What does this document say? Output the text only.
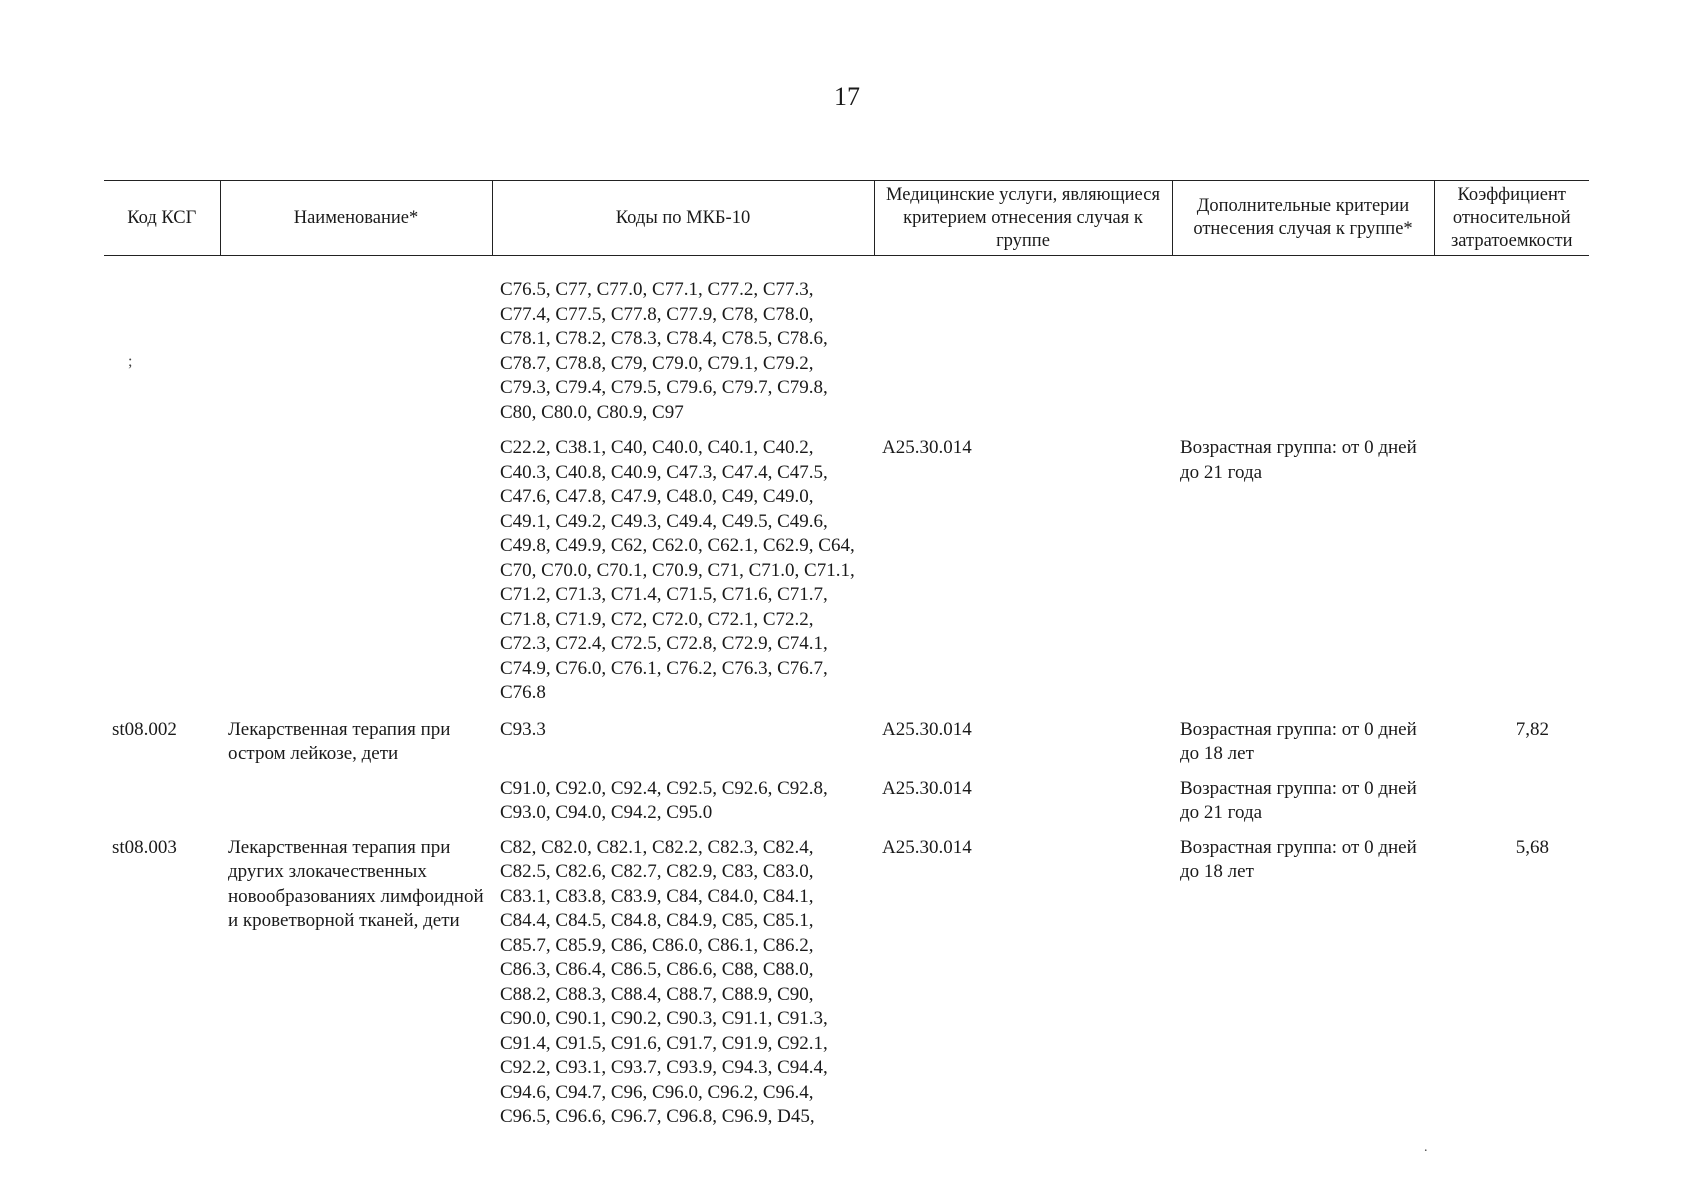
17
Код КСГ	Наименование*	Коды по МКБ-10	Медицинские услуги, являющиеся критерием отнесения случая к группе	Дополнительные критерии отнесения случая к группе*	Коэффициент относительной затратоемкости

;		C76.5, C77, C77.0, C77.1, C77.2, C77.3, C77.4, C77.5, C77.8, C77.9, C78, C78.0, C78.1, C78.2, C78.3, C78.4, C78.5, C78.6, C78.7, C78.8, C79, C79.0, C79.1, C79.2, C79.3, C79.4, C79.5, C79.6, C79.7, C79.8, C80, C80.0, C80.9, C97			
		C22.2, C38.1, C40, C40.0, C40.1, C40.2, C40.3, C40.8, C40.9, C47.3, C47.4, C47.5, C47.6, C47.8, C47.9, C48.0, C49, C49.0, C49.1, C49.2, C49.3, C49.4, C49.5, C49.6, C49.8, C49.9, C62, C62.0, C62.1, C62.9, C64, C70, C70.0, C70.1, C70.9, C71, C71.0, C71.1, C71.2, C71.3, C71.4, C71.5, C71.6, C71.7, C71.8, C71.9, C72, C72.0, C72.1, C72.2, C72.3, C72.4, C72.5, C72.8, C72.9, C74.1, C74.9, C76.0, C76.1, C76.2, C76.3, C76.7, C76.8	A25.30.014	Возрастная группа: от 0 дней до 21 года	
st08.002	Лекарственная терапия при остром лейкозе, дети	C93.3	A25.30.014	Возрастная группа: от 0 дней до 18 лет	7,82
		C91.0, C92.0, C92.4, C92.5, C92.6, C92.8, C93.0, C94.0, C94.2, C95.0	A25.30.014	Возрастная группа: от 0 дней до 21 года	
st08.003	Лекарственная терапия при других злокачественных новообразованиях лимфоидной и кроветворной тканей, дети	C82, C82.0, C82.1, C82.2, C82.3, C82.4, C82.5, C82.6, C82.7, C82.9, C83, C83.0, C83.1, C83.8, C83.9, C84, C84.0, C84.1, C84.4, C84.5, C84.8, C84.9, C85, C85.1, C85.7, C85.9, C86, C86.0, C86.1, C86.2, C86.3, C86.4, C86.5, C86.6, C88, C88.0, C88.2, C88.3, C88.4, C88.7, C88.9, C90, C90.0, C90.1, C90.2, C90.3, C91.1, C91.3, C91.4, C91.5, C91.6, C91.7, C91.9, C92.1, C92.2, C93.1, C93.7, C93.9, C94.3, C94.4, C94.6, C94.7, C96, C96.0, C96.2, C96.4, C96.5, C96.6, C96.7, C96.8, C96.9, D45,	A25.30.014	Возрастная группа: от 0 дней до 18 лет	5,68
.
